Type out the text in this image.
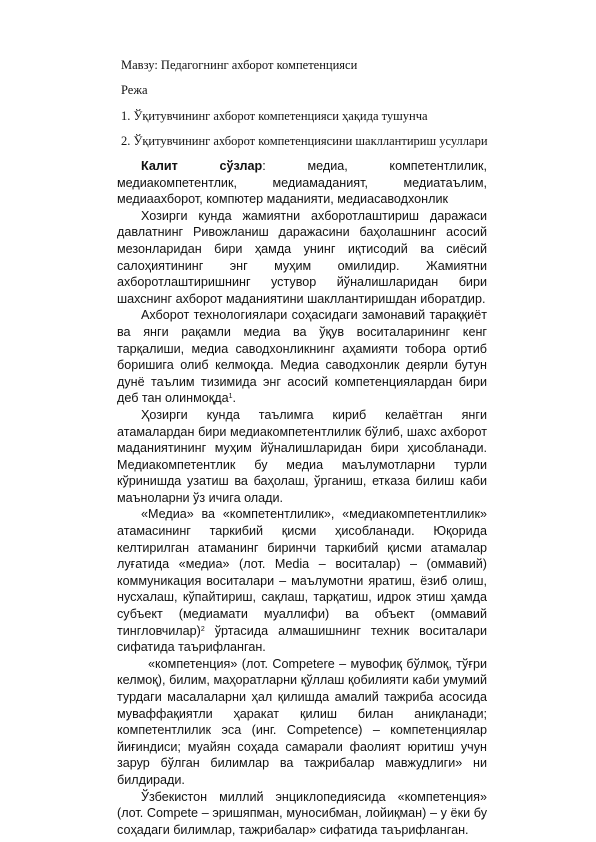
Мавзу: Педагогнинг ахборот компетенцияси
Режа
1. Ўқитувчининг ахборот компетенцияси ҳақида тушунча
2. Ўқитувчининг ахборот компетенциясини шакллантириш усуллари

Калит сўзлар: медиа, компетентлилик, медиакомпетентлик, медиамаданият, медиатаълим, медиаахборот, компютер маданияти, медиасаводхонлик

Хозирги кунда жамиятни ахборотлаштириш даражаси давлатнинг Ривожланиш даражасини баҳолашнинг асосий мезонларидан бири ҳамда унинг иқтисодий ва сиёсий салоҳиятининг энг муҳим омилидир. Жамиятни ахборотлаштиришнинг устувор йўналишларидан бири шахснинг ахборот маданиятини шакллантиришдан иборатдир.

Ахборот технологиялари соҳасидаги замонавий тараққиёт ва янги рақамли медиа ва ўқув воситаларининг кенг тарқалиши, медиа саводхонликнинг аҳамияти тобора ортиб боришига олиб келмоқда. Медиа саводхонлик деярли бутун дунё таълим тизимида энг асосий компетенциялардан бири деб тан олинмоқда$^1$.

Ҳозирги кунда таълимга кириб келаётган янги атамалардан бири медиакомпетентлилик бўлиб, шахс ахборот маданиятининг муҳим йўналишларидан бири ҳисобланади. Медиакомпетентлик бу медиа маълумотларни турли кўринишда узатиш ва баҳолаш, ўрганиш, етказа билиш каби маъноларни ўз ичига олади.

«Медиа» ва «компетентлилик», «медиакомпетентлилик» атамасининг таркибий қисми ҳисобланади. Юқорида келтирилган атаманинг биринчи таркибий қисми атамалар луғатида «медиа» (лот. Media – воситалар) – (оммавий) коммуникация воситалари – маълумотни яратиш, ёзиб олиш, нусхалаш, кўпайтириш, сақлаш, тарқатиш, идрок этиш ҳамда субъект (медиамати муаллифи) ва объект (оммавий тингловчилар)$^2$ ўртасида алмашишнинг техник воситалари сифатида таърифланган.

«компетенция» (лот. Competere – мувофиқ бўлмоқ, тўғри келмоқ), билим, маҳоратларни қўллаш қобилияти каби умумий турдаги масалаларни ҳал қилишда амалий тажриба асосида муваффақиятли ҳаракат қилиш билан аниқланади; компетентлилик эса (инг. Competence) – компетенциялар йиғиндиси; муайян соҳада самарали фаолият юритиш учун зарур бўлган билимлар ва тажрибалар мавжудлиги» ни билдиради.

Ўзбекистон миллий энциклопедиясида «компетенция» (лот. Compete – эришяпман, муносибман, лойиқман) – у ёки бу соҳадаги билимлар, тажрибалар» сифатида таърифланган.
